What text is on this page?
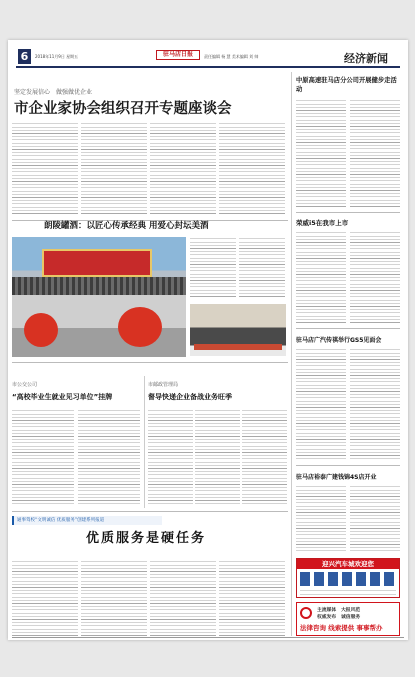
6	2018年11月9日 星期五	驻马店日报	责任编辑 杨 慧 美术编辑 刘 帅	经济新闻
坚定发展信心　做强做优企业
市企业家协会组织召开专题座谈会
朗陵罐酒：以匠心传承经典 用爱心封坛美酒
市公交公司
“高校毕业生就业见习单位”挂牌
市邮政管理局
督导快递企业备战业务旺季
通事驾校“文明诚信 优质服务”创建系列报道
优质服务是硬任务
中原高速驻马店分公司开展健步走活动
荣威i5在我市上市
驻马店广汽传祺举行GS5见面会
驻马店裕泰广建钱锦4S店开业
迎兴汽车城欢迎您
主流媒体　大报风范
权威发布　诚信服务
法律咨询 线索提供 事事帮办
